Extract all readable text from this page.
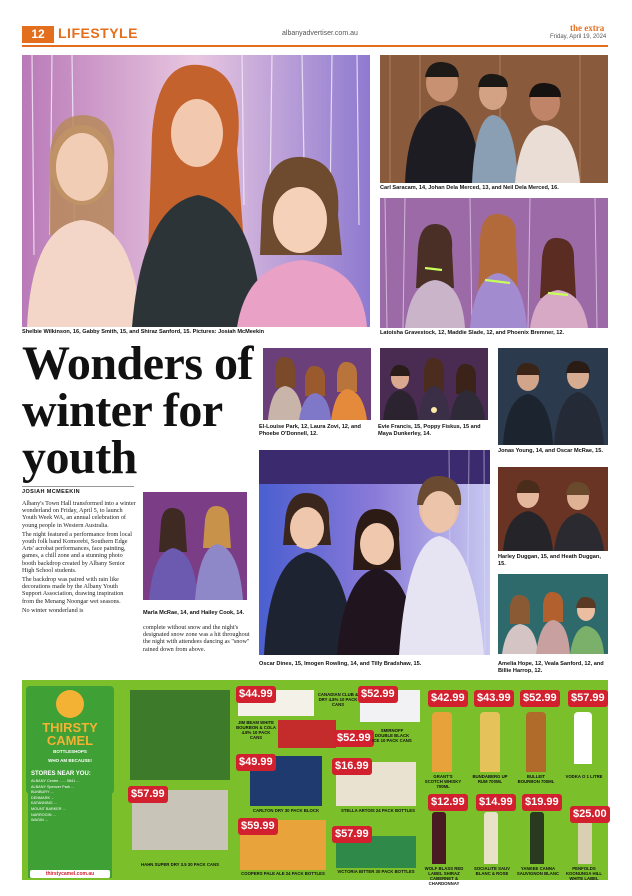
12 LIFESTYLE	albanyadvertiser.com.au
the extra
Friday, April 19, 2024
Shelbie Wilkinson, 16, Gabby Smith, 15, and Shiraz Sanford, 15. Pictures: Josiah McMeekin
Carl Saracam, 14, Johan Dela Merced, 13, and Neil Dela Merced, 16.
Latoisha Gravestock, 12, Maddie Slade, 12, and Phoenix Bremner, 12.
Wonders of winter for youth
JOSIAH MCMEEKIN

Albany's Town Hall transformed into a winter wonderland on Friday, April 5, to launch Youth Week WA, an annual celebration of young people in Western Australia.

The night featured a performance from local youth folk band Komorebi, Southern Edge Arts' acrobat performances, face painting, games, a chill zone and a stunning photo booth backdrop created by Albany Senior High School students.

The backdrop was paired with rain like decorations made by the Albany Youth Support Association, drawing inspiration from the Menang Noongar wet seasons.

No winter wonderland is

El-Louise Park, 12, Laura Zovi, 12, and Phoebe O'Donnell, 12.
Evie Francis, 15, Poppy Fiskus, 15 and Maya Dunkerley, 14.
Jonas Young, 14, and Oscar McRae, 15.
Marla McRae, 14, and Hailey Cook, 14.

complete without snow and the night's designated snow zone was a hit throughout the night with attendees dancing as "snow" rained down from above.

Oscar Dines, 15, Imogen Rowling, 14, and Tilly Bradshaw, 15.
Harley Duggan, 15, and Heath Duggan, 15.
Amelia Hope, 12, Veala Sanford, 12, and Billie Harrop, 12.
THIRSTY
CAMEL
BOTTLESHOPS
WHO AM BECAUSE!
STORES NEAR YOU:
ALBANY Centre ...... 9841 ...
ALBANY Spencer Park ...
BUNBURY ...
DENMARK ...
KATANNING ...
MOUNT BARKER ...
NARROGIN ...
WAGIN ...
thirstycamel.com.au
$57.99
$49.99
$59.99
$44.99
$52.99
$57.99
$52.99	$42.99 $43.99 $52.99 $57.99
$12.99 $14.99 $19.99
$25.00
$16.99
JIM BEAM WHITE BOURBON & COLA 4.8% 10 PACK CANS
CANADIAN CLUB & DRY 4.8% 10 PACK CANS
SMIRNOFF DOUBLE BLACK ICE 10 PACK CANS
CARLTON DRY 30 PACK BLOCK	STELLA ARTOIS 24 PACK BOTTLES
HAHN SUPER DRY 3.5 30 PACK CANS
COOPERS PALE ALE 24 PACK BOTTLES	VICTORIA BITTER 30 PACK BOTTLES
GRANT'S SCOTCH WHISKY 700ML
BUNDABERG UP RUM 700ML
BULLEIT BOURBON 700ML
VODKA O 1 LITRE
WOLF BLASS RED LABEL SHIRAZ CABERNET & CHARDONNAY
SOCIALITE SAUV BLANC & ROSE
YANKEE CANNA SAUVIGNON BLANC
PENFOLDS KOONUNGA HILL WHITE LABEL
